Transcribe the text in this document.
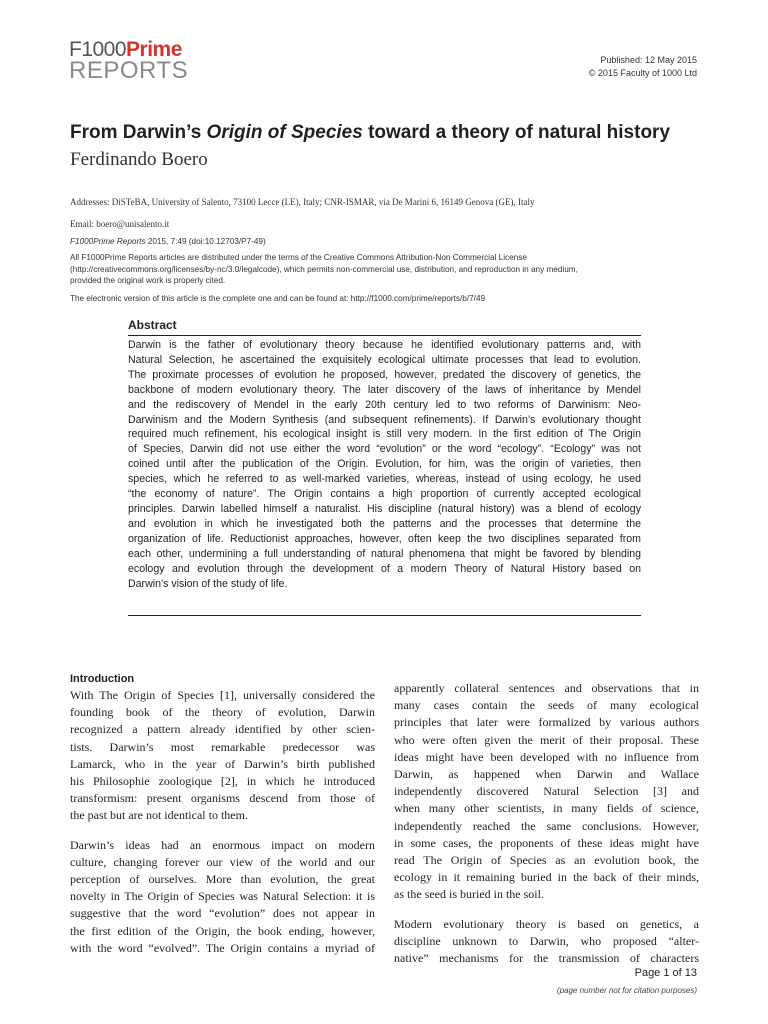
F1000Prime
REPORTS	Published: 12 May 2015
© 2015 Faculty of 1000 Ltd
From Darwin’s Origin of Species toward a theory of natural history
Ferdinando Boero
Addresses: DiSTeBA, University of Salento, 73100 Lecce (LE), Italy; CNR-ISMAR, via De Marini 6, 16149 Genova (GE), Italy
Email: boero@unisalento.it
F1000Prime Reports 2015, 7:49 (doi:10.12703/P7-49)
All F1000Prime Reports articles are distributed under the terms of the Creative Commons Attribution-Non Commercial License
(http://creativecommons.org/licenses/by-nc/3.0/legalcode), which permits non-commercial use, distribution, and reproduction in any medium,
provided the original work is properly cited.
The electronic version of this article is the complete one and can be found at: http://f1000.com/prime/reports/b/7/49
Abstract
Darwin is the father of evolutionary theory because he identified evolutionary patterns and, with
Natural Selection, he ascertained the exquisitely ecological ultimate processes that lead to evolution.
The proximate processes of evolution he proposed, however, predated the discovery of genetics, the
backbone of modern evolutionary theory. The later discovery of the laws of inheritance by Mendel
and the rediscovery of Mendel in the early 20th century led to two reforms of Darwinism: Neo-
Darwinism and the Modern Synthesis (and subsequent refinements). If Darwin’s evolutionary thought
required much refinement, his ecological insight is still very modern. In the first edition of The Origin
of Species, Darwin did not use either the word “evolution” or the word “ecology”. “Ecology” was not
coined until after the publication of the Origin. Evolution, for him, was the origin of varieties, then
species, which he referred to as well-marked varieties, whereas, instead of using ecology, he used
“the economy of nature”. The Origin contains a high proportion of currently accepted ecological
principles. Darwin labelled himself a naturalist. His discipline (natural history) was a blend of ecology
and evolution in which he investigated both the patterns and the processes that determine the
organization of life. Reductionist approaches, however, often keep the two disciplines separated from
each other, undermining a full understanding of natural phenomena that might be favored by blending
ecology and evolution through the development of a modern Theory of Natural History based on
Darwin’s vision of the study of life.
Introduction
With The Origin of Species [1], universally considered the
founding book of the theory of evolution, Darwin
recognized a pattern already identified by other scien-
tists. Darwin’s most remarkable predecessor was
Lamarck, who in the year of Darwin’s birth published
his Philosophie zoologique [2], in which he introduced
transformism: present organisms descend from those of
the past but are not identical to them.
Darwin’s ideas had an enormous impact on modern
culture, changing forever our view of the world and our
perception of ourselves. More than evolution, the great
novelty in The Origin of Species was Natural Selection: it is
suggestive that the word “evolution” does not appear in
the first edition of the Origin, the book ending, however,
with the word “evolved”. The Origin contains a myriad of
apparently collateral sentences and observations that in
many cases contain the seeds of many ecological
principles that later were formalized by various authors
who were often given the merit of their proposal. These
ideas might have been developed with no influence from
Darwin, as happened when Darwin and Wallace
independently discovered Natural Selection [3] and
when many other scientists, in many fields of science,
independently reached the same conclusions. However,
in some cases, the proponents of these ideas might have
read The Origin of Species as an evolution book, the
ecology in it remaining buried in the back of their minds,
as the seed is buried in the soil.
Modern evolutionary theory is based on genetics, a
discipline unknown to Darwin, who proposed “alter-
native” mechanisms for the transmission of characters
Page 1 of 13
(page number not for citation purposes)
